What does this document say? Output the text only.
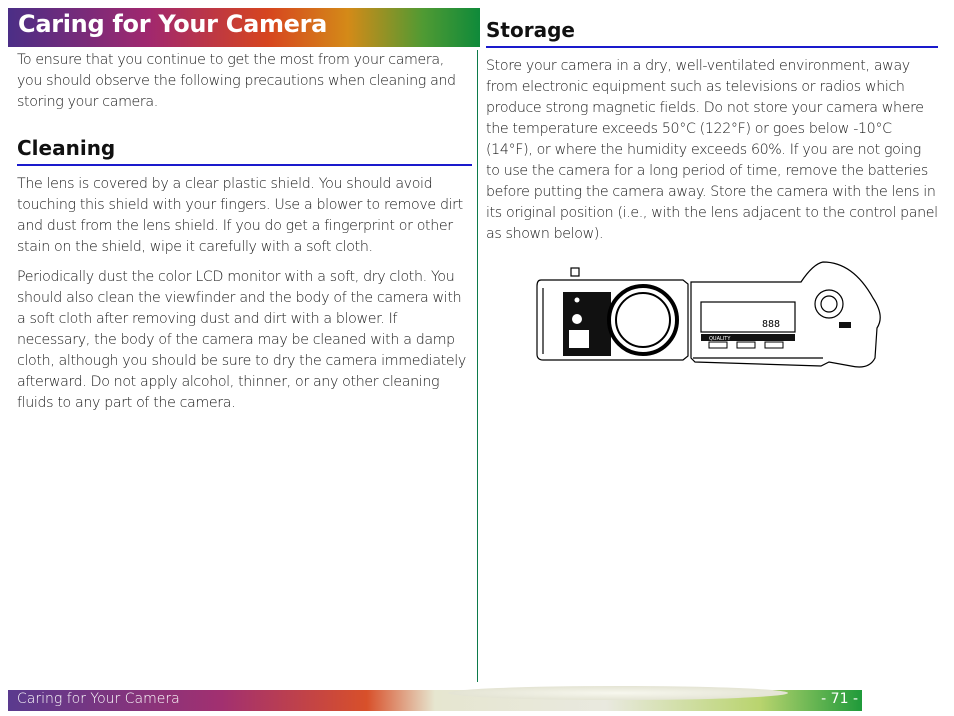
Caring for Your Camera

To ensure that you continue to get the most from your camera, you should observe the following precautions when cleaning and storing your camera.

Cleaning

The lens is covered by a clear plastic shield. You should avoid touching this shield with your fingers. Use a blower to remove dirt and dust from the lens shield. If you do get a fingerprint or other stain on the shield, wipe it carefully with a soft cloth.

Periodically dust the color LCD monitor with a soft, dry cloth. You should also clean the viewfinder and the body of the camera with a soft cloth after removing dust and dirt with a blower. If necessary, the body of the camera may be cleaned with a damp cloth, although you should be sure to dry the camera immediately afterward. Do not apply alcohol, thinner, or any other cleaning fluids to any part of the camera.

Storage

Store your camera in a dry, well-ventilated environment, away from electronic equipment such as televisions or radios which produce strong magnetic fields. Do not store your camera where the temperature exceeds 50°C (122°F) or goes below -10°C (14°F), or where the humidity exceeds 60%. If you are not going to use the camera for a long period of time, remove the batteries before putting the camera away. Store the camera with the lens in its original position (i.e., with the lens adjacent to the control panel as shown below).

888
QUALITY
Caring for Your Camera	- 71 -
